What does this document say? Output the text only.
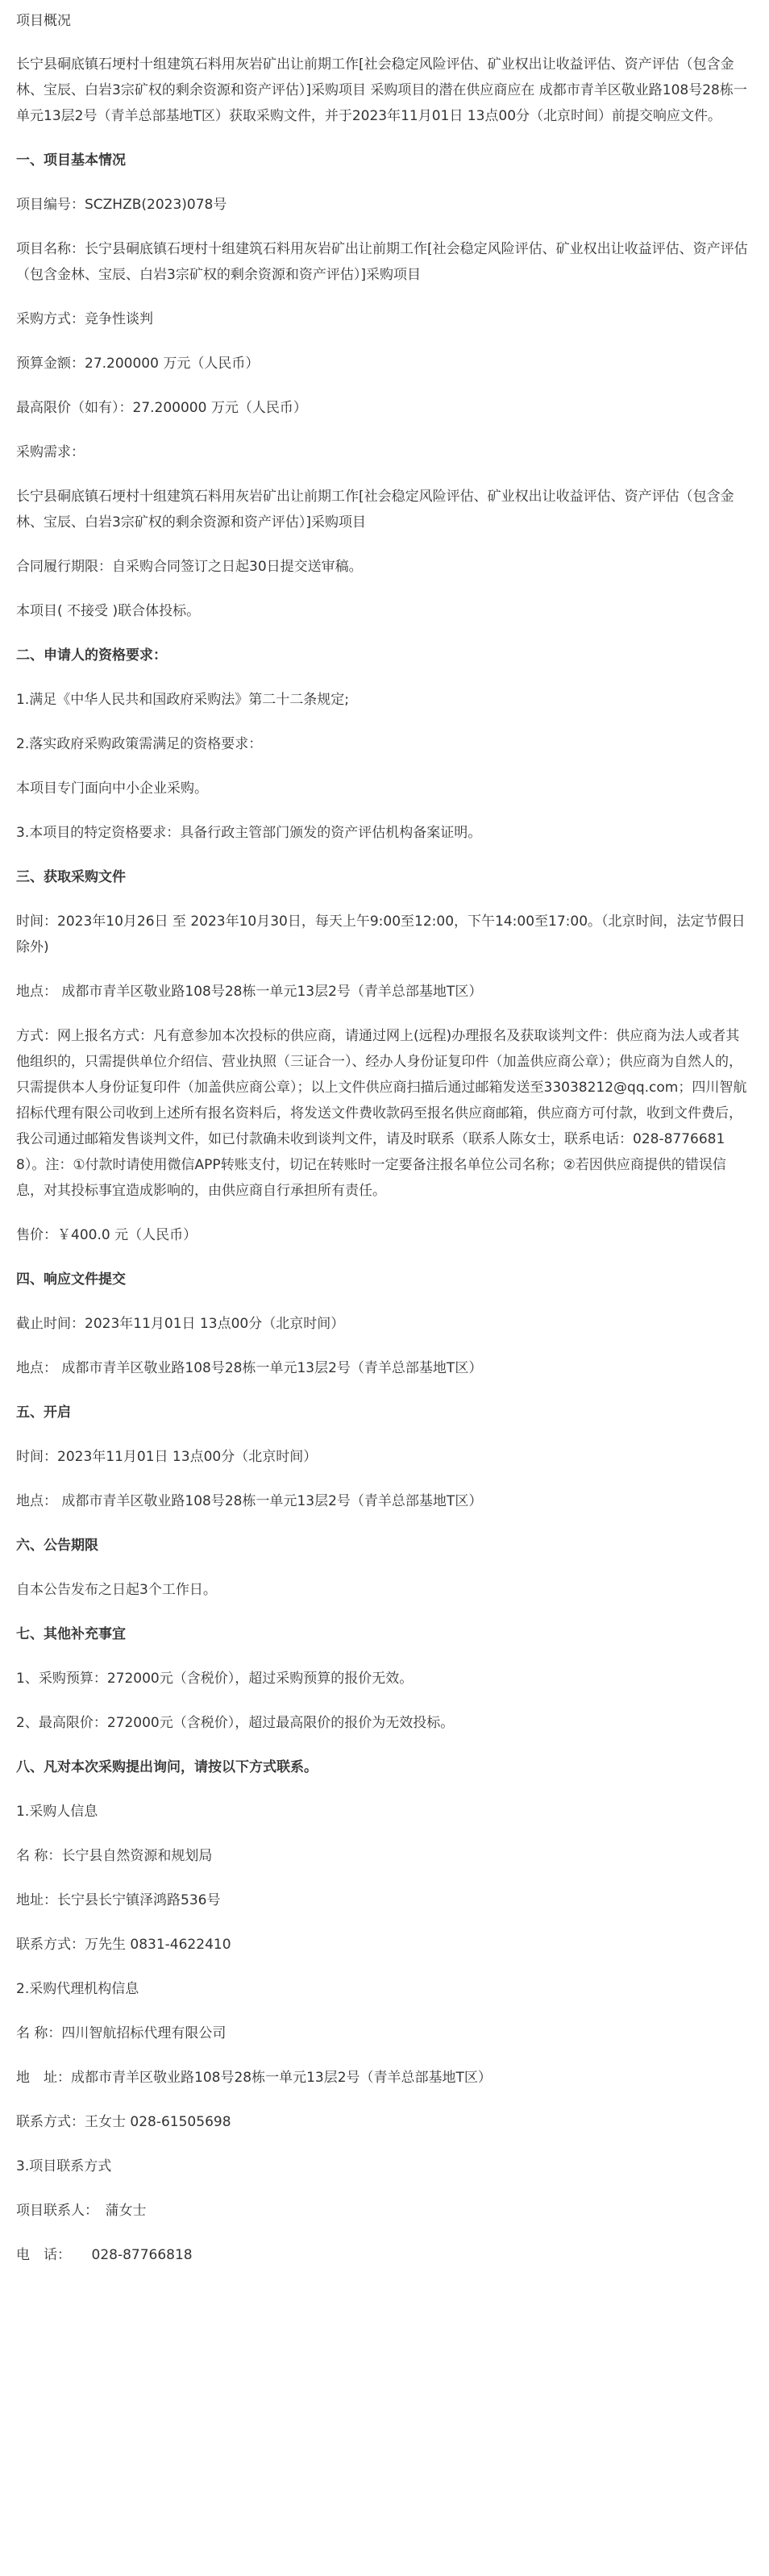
项目概况

长宁县硐底镇石埂村十组建筑石料用灰岩矿出让前期工作[社会稳定风险评估、矿业权出让收益评估、资产评估（包含金林、宝辰、白岩3宗矿权的剩余资源和资产评估）]采购项目 采购项目的潜在供应商应在 成都市青羊区敬业路108号28栋一单元13层2号（青羊总部基地T区）获取采购文件，并于2023年11月01日 13点00分（北京时间）前提交响应文件。

一、项目基本情况

项目编号：SCZHZB(2023)078号

项目名称：长宁县硐底镇石埂村十组建筑石料用灰岩矿出让前期工作[社会稳定风险评估、矿业权出让收益评估、资产评估（包含金林、宝辰、白岩3宗矿权的剩余资源和资产评估）]采购项目

采购方式：竞争性谈判

预算金额：27.200000 万元（人民币）

最高限价（如有）：27.200000 万元（人民币）

采购需求：

长宁县硐底镇石埂村十组建筑石料用灰岩矿出让前期工作[社会稳定风险评估、矿业权出让收益评估、资产评估（包含金林、宝辰、白岩3宗矿权的剩余资源和资产评估）]采购项目

合同履行期限：自采购合同签订之日起30日提交送审稿。

本项目( 不接受 )联合体投标。

二、申请人的资格要求：

1.满足《中华人民共和国政府采购法》第二十二条规定;

2.落实政府采购政策需满足的资格要求：

本项目专门面向中小企业采购。

3.本项目的特定资格要求：具备行政主管部门颁发的资产评估机构备案证明。

三、获取采购文件

时间：2023年10月26日 至 2023年10月30日，每天上午9:00至12:00，下午14:00至17:00。（北京时间，法定节假日除外)

地点： 成都市青羊区敬业路108号28栋一单元13层2号（青羊总部基地T区）

方式：网上报名方式：凡有意参加本次投标的供应商，请通过网上(远程)办理报名及获取谈判文件：供应商为法人或者其他组织的，只需提供单位介绍信、营业执照（三证合一）、经办人身份证复印件（加盖供应商公章）；供应商为自然人的，只需提供本人身份证复印件（加盖供应商公章）；以上文件供应商扫描后通过邮箱发送至33038212@qq.com；四川智航招标代理有限公司收到上述所有报名资料后，将发送文件费收款码至报名供应商邮箱，供应商方可付款，收到文件费后，我公司通过邮箱发售谈判文件，如已付款确未收到谈判文件，请及时联系（联系人陈女士，联系电话：028-87766818）。注：①付款时请使用微信APP转账支付，切记在转账时一定要备注报名单位公司名称；②若因供应商提供的错误信息，对其投标事宜造成影响的，由供应商自行承担所有责任。

售价：￥400.0 元（人民币）

四、响应文件提交

截止时间：2023年11月01日 13点00分（北京时间）

地点： 成都市青羊区敬业路108号28栋一单元13层2号（青羊总部基地T区）

五、开启

时间：2023年11月01日 13点00分（北京时间）

地点： 成都市青羊区敬业路108号28栋一单元13层2号（青羊总部基地T区）

六、公告期限

自本公告发布之日起3个工作日。

七、其他补充事宜

1、采购预算：272000元（含税价），超过采购预算的报价无效。

2、最高限价：272000元（含税价），超过最高限价的报价为无效投标。

八、凡对本次采购提出询问，请按以下方式联系。

1.采购人信息

名 称：长宁县自然资源和规划局

地址：长宁县长宁镇泽鸿路536号

联系方式：万先生 0831-4622410

2.采购代理机构信息

名 称：四川智航招标代理有限公司

地　址：成都市青羊区敬业路108号28栋一单元13层2号（青羊总部基地T区）

联系方式：王女士 028-61505698

3.项目联系方式

项目联系人：　蒲女士

电　话：　　028-87766818
